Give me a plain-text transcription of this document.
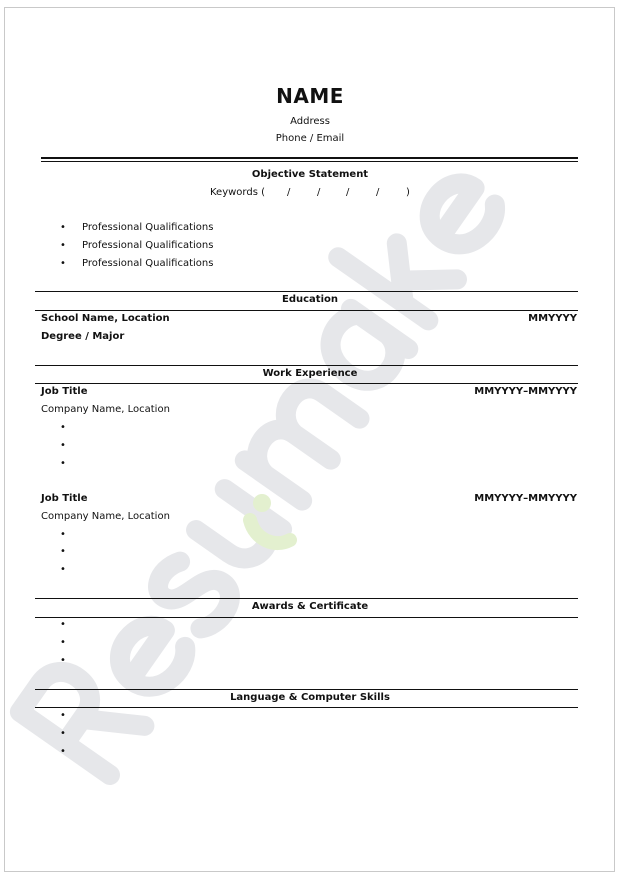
NAME
Address
Phone / Email
Objective Statement
Keywords ( /	/	/	/	)
• Professional Qualifications
• Professional Qualifications
• Professional Qualifications
Education
School Name, Location	MMYYYY
Degree / Major
Work Experience
Job Title	MMYYYY–MMYYYY
Company Name, Location
•
•
•
Job Title	MMYYYY–MMYYYY
Company Name, Location
•
•
•
Awards & Certificate
•
•
•
Language & Computer Skills
•
•
•
